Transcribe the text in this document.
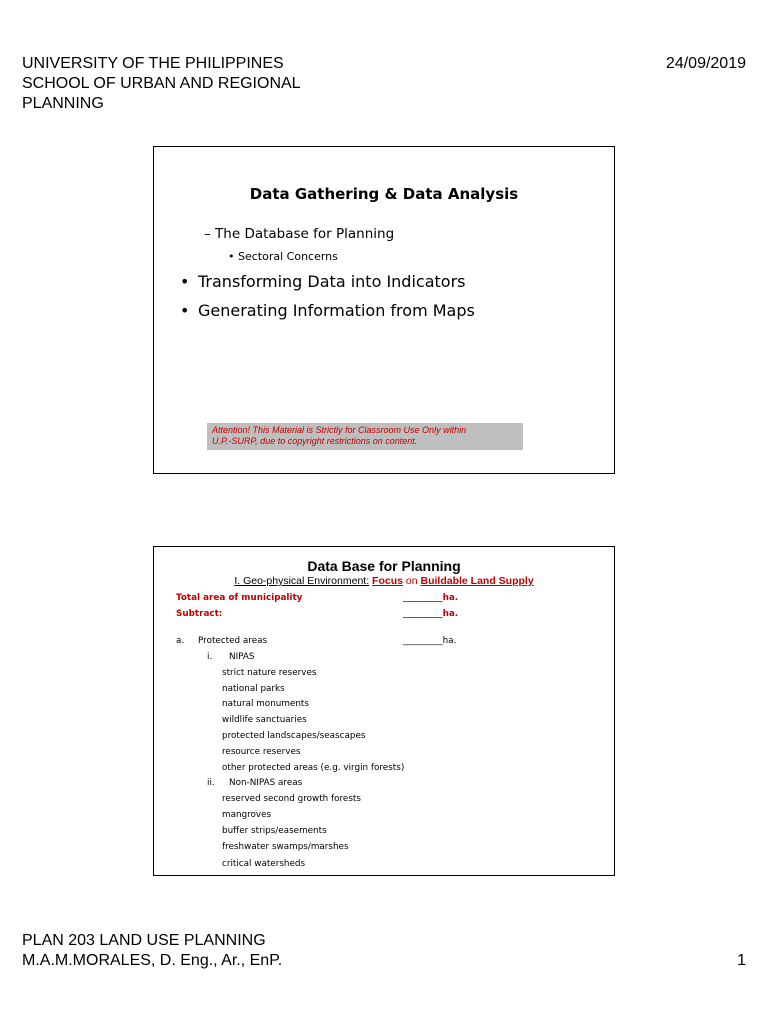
UNIVERSITY OF THE PHILIPPINES
SCHOOL OF URBAN AND REGIONAL
PLANNING
24/09/2019
Data Gathering & Data Analysis
– The Database for Planning
• Sectoral Concerns
• Transforming Data into Indicators
• Generating Information from Maps
Attention! This Material is Strictly for Classroom Use Only within
U.P.-SURP, due to copyright restrictions on content.
Data Base for Planning
I. Geo-physical Environment: Focus on Buildable Land Supply
Total area of municipality	_________ha.
Subtract:	_________ha.
a. Protected areas	_________ha.
i. NIPAS
strict nature reserves
national parks
natural monuments
wildlife sanctuaries
protected landscapes/seascapes
resource reserves
other protected areas (e.g. virgin forests)
ii. Non-NIPAS areas
reserved second growth forests
mangroves
buffer strips/easements
freshwater swamps/marshes
critical watersheds
PLAN 203 LAND USE PLANNING
M.A.M.MORALES, D. Eng., Ar., EnP.	1
